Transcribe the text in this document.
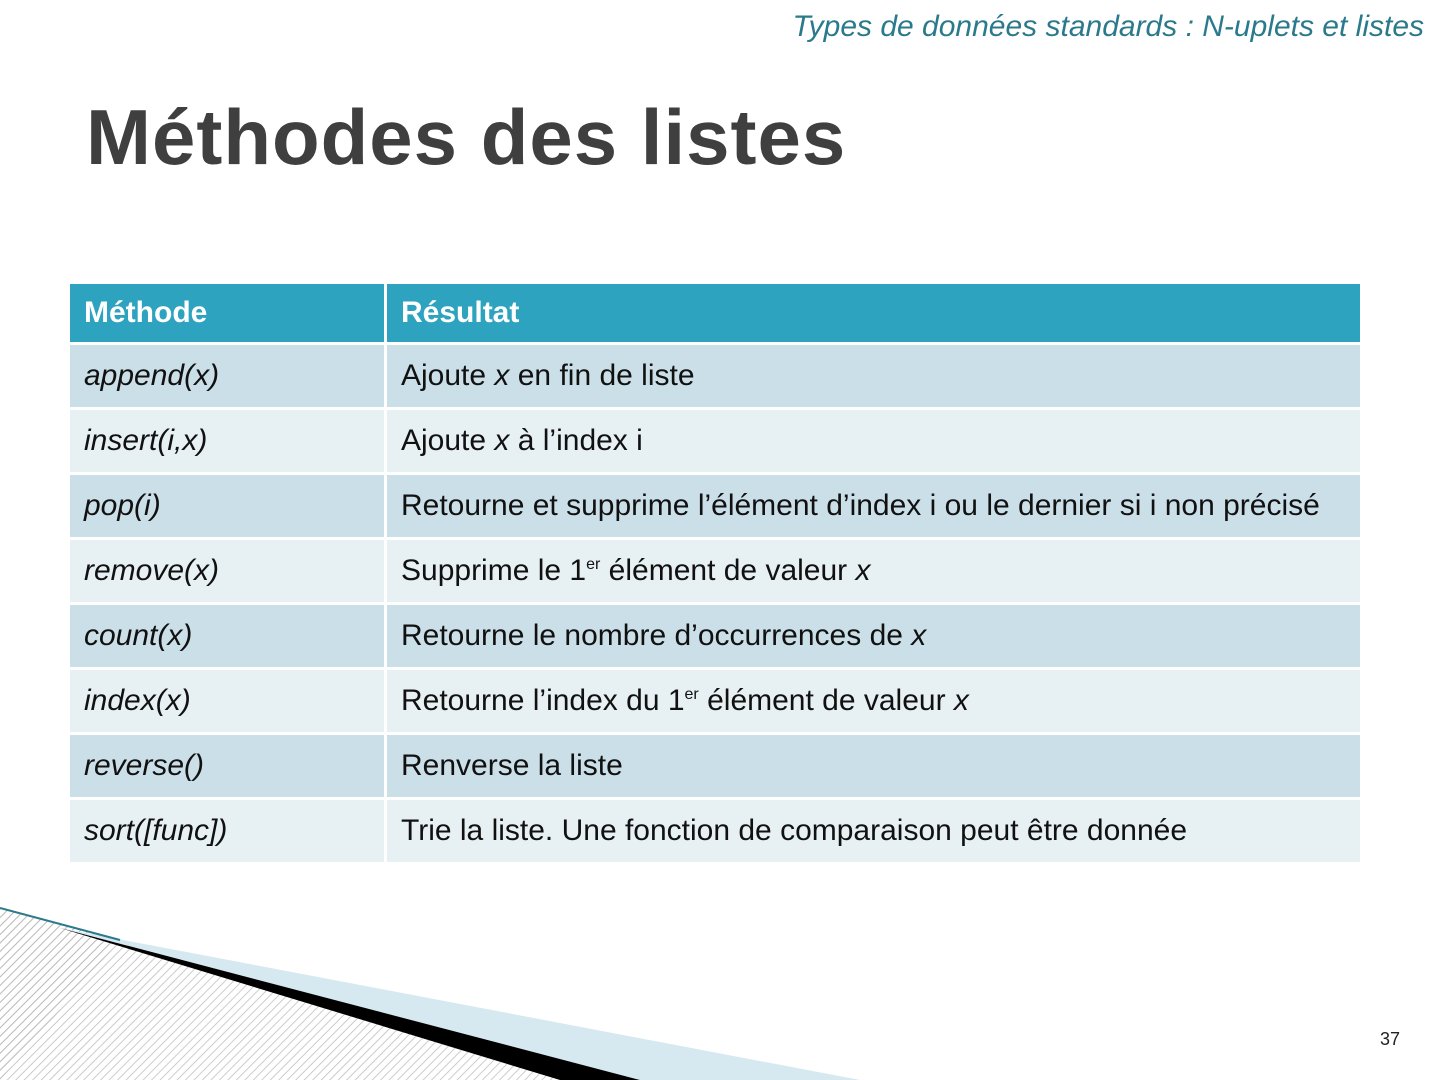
Types de données standards : N-uplets et listes
Méthodes des listes
Méthode	Résultat
append(x)	Ajoute x en fin de liste
insert(i,x)	Ajoute x à l’index i
pop(i)	Retourne et supprime l’élément d’index i ou le dernier si i non précisé
remove(x)	Supprime le 1er élément de valeur x
count(x)	Retourne le nombre d’occurrences de x
index(x)	Retourne l’index du 1er élément de valeur x
reverse()	Renverse la liste
sort([func])	Trie la liste. Une fonction de comparaison peut être donnée
37
